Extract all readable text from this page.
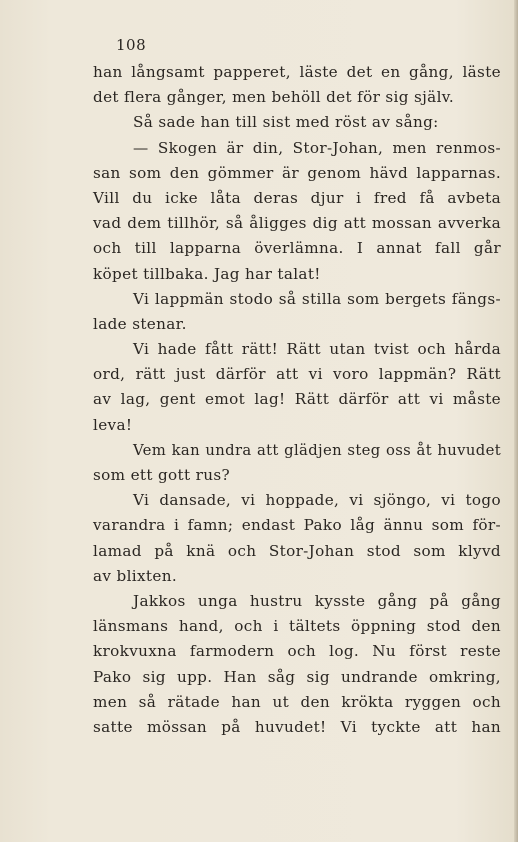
108
han långsamt papperet, läste det en gång, läste
det flera gånger, men behöll det för sig själv.
Så sade han till sist med röst av sång:
— Skogen är din, Stor-Johan, men renmos-
san som den gömmer är genom hävd lapparnas.
Vill du icke låta deras djur i fred få avbeta
vad dem tillhör, så åligges dig att mossan avverka
och till lapparna överlämna. I annat fall går
köpet tillbaka. Jag har talat!
Vi lappmän stodo så stilla som bergets fängs-
lade stenar.
Vi hade fått rätt! Rätt utan tvist och hårda
ord, rätt just därför att vi voro lappmän? Rätt
av lag, gent emot lag! Rätt därför att vi måste
leva!
Vem kan undra att glädjen steg oss åt huvudet
som ett gott rus?
Vi dansade, vi hoppade, vi sjöngo, vi togo
varandra i famn; endast Pako låg ännu som för-
lamad på knä och Stor-Johan stod som klyvd
av blixten.
Jakkos unga hustru kysste gång på gång
länsmans hand, och i tältets öppning stod den
krokvuxna farmodern och log. Nu först reste
Pako sig upp. Han såg sig undrande omkring,
men så rätade han ut den krökta ryggen och
satte mössan på huvudet! Vi tyckte att han
